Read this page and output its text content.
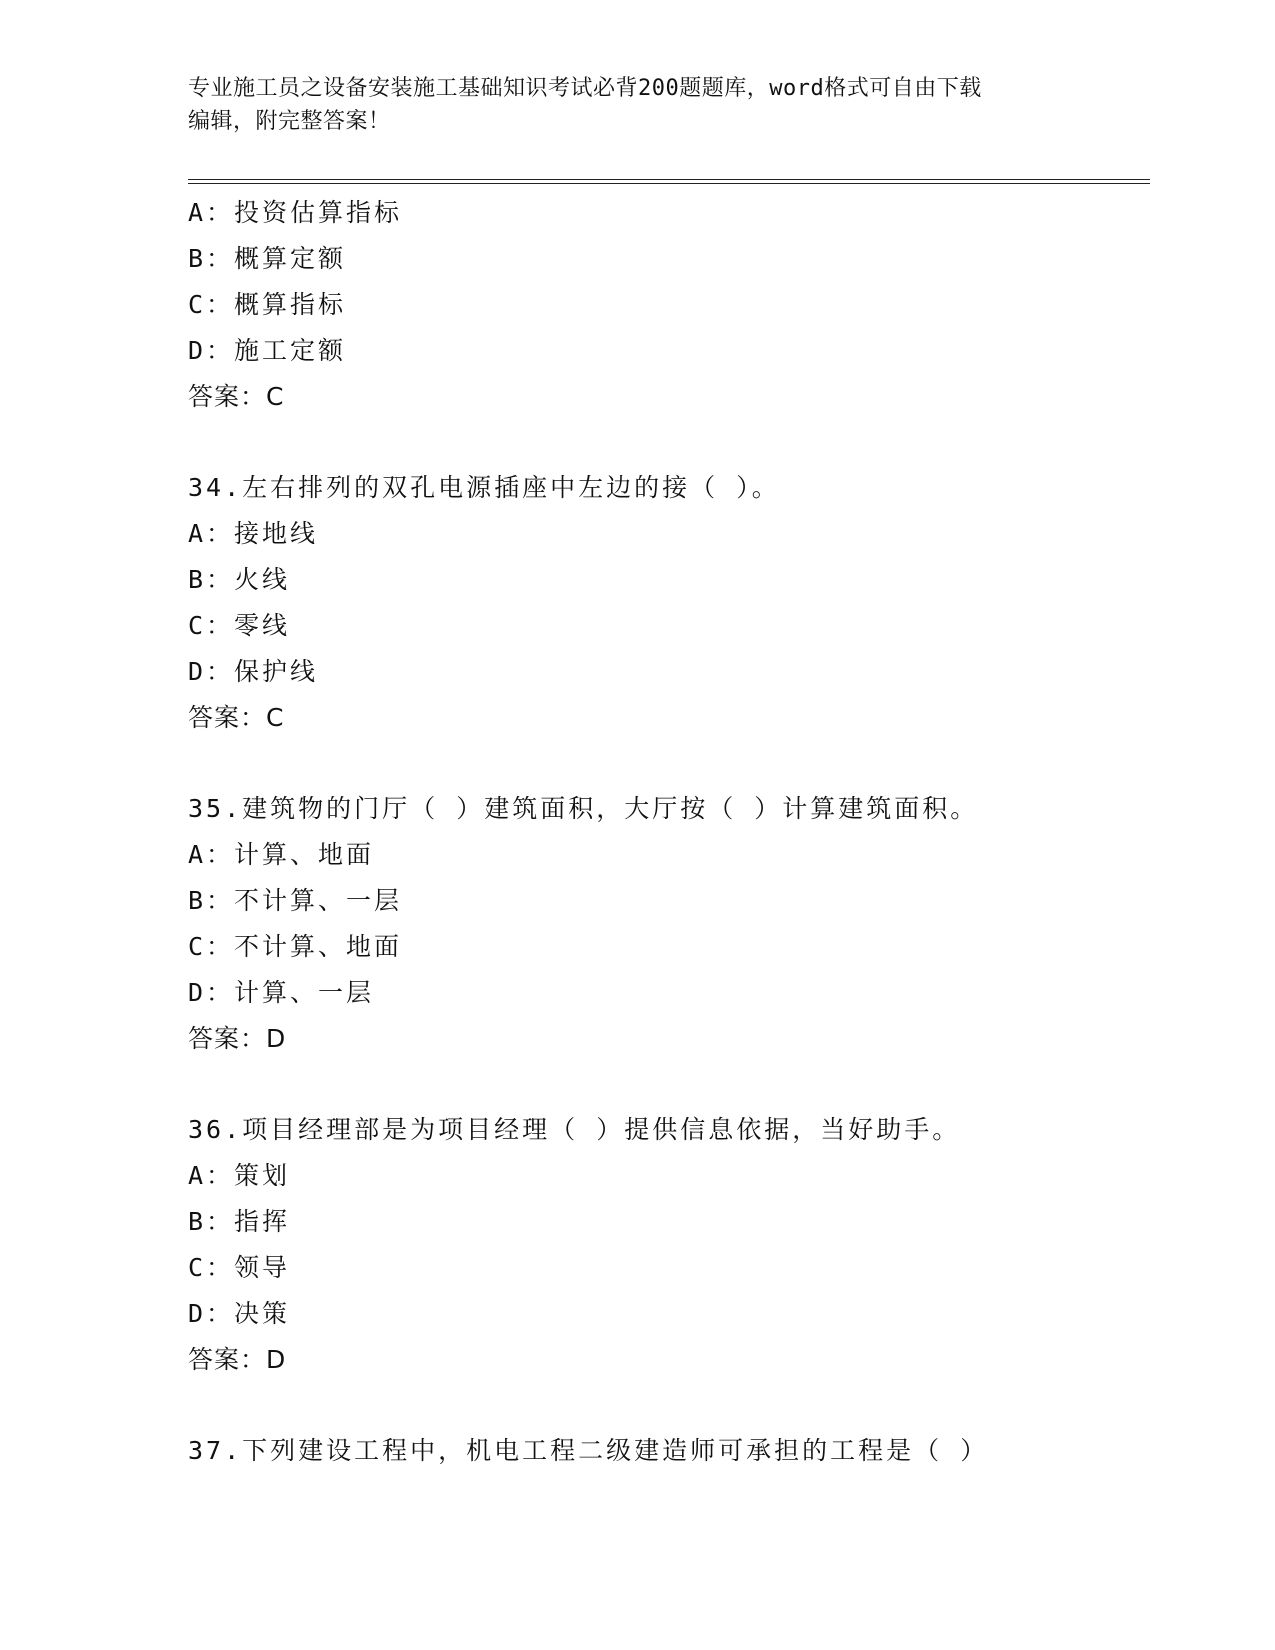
专业施工员之设备安装施工基础知识考试必背200题题库，word格式可自由下载
编辑，附完整答案！
A：投资估算指标
B：概算定额
C：概算指标
D：施工定额
答案：C
34.左右排列的双孔电源插座中左边的接（ ）。
A：接地线
B：火线
C：零线
D：保护线
答案：C
35.建筑物的门厅（ ）建筑面积，大厅按（ ）计算建筑面积。
A：计算、地面
B：不计算、一层
C：不计算、地面
D：计算、一层
答案：D
36.项目经理部是为项目经理（ ）提供信息依据，当好助手。
A：策划
B：指挥
C：领导
D：决策
答案：D
37.下列建设工程中，机电工程二级建造师可承担的工程是（ ）
